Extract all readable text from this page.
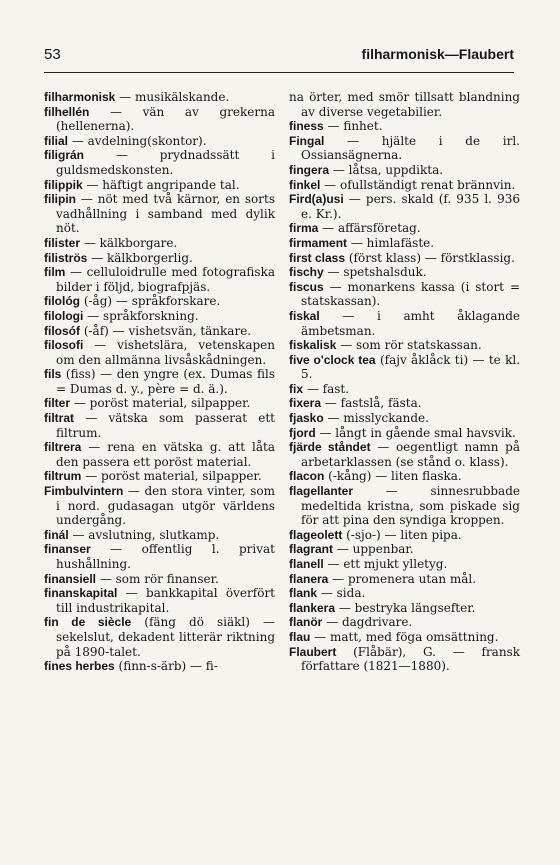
53	filharmonisk—Flaubert

filharmonisk — musikälskande.

filhellén — vän av grekerna (hellenerna).

filial — avdelning(skontor).

filigrán — prydnadssätt i guldsmedskonsten.

filippik — häftigt angripande tal.

filipin — nöt med två kärnor, en sorts vadhållning i samband med dylik nöt.

filister — kälkborgare.

filiströs — kälkborgerlig.

film — celluloidrulle med fotografiska bilder i följd, biografpjäs.

filológ (-åg) — språkforskare.

filologi — språkforskning.

filosóf (-åf) — vishetsvän, tänkare.

filosofi — vishetslära, vetenskapen om den allmänna livsåskådningen.

fils (fiss) — den yngre (ex. Dumas fils = Dumas d. y., père = d. ä.).

filter — poröst material, silpapper.

filtrat — vätska som passerat ett filtrum.

filtrera — rena en vätska g. att låta den passera ett poröst material.

filtrum — poröst material, silpapper.

Fimbulvintern — den stora vinter, som i nord. gudasagan utgör världens undergång.

finál — avslutning, slutkamp.

finanser — offentlig l. privat hushållning.

finansiell — som rör finanser.

finanskapital — bankkapital överfört till industrikapital.

fin de siècle (fäng dö siäkl) — sekelslut, dekadent litterär riktning på 1890-talet.

fines herbes (finn-s-ärb) — fi-

na örter, med smör tillsatt blandning av diverse vegetabilier.

finess — finhet.

Fingal — hjälte i de irl. Ossiansägnerna.

fingera — låtsa, uppdikta.

finkel — ofullständigt renat brännvin.

Fird(a)usi — pers. skald (f. 935 l. 936 e. Kr.).

firma — affärsföretag.

firmament — himlafäste.

first class (först klass) — förstklassig.

fischy — spetshalsduk.

fiscus — monarkens kassa (i stort = statskassan).

fiskal — i amht åklagande ämbetsman.

fiskalisk — som rör statskassan.

five o'clock tea (fajv åklåck ti) — te kl. 5.

fix — fast.

fixera — fastslå, fästa.

fjasko — misslyckande.

fjord — långt in gående smal havsvik.

fjärde ståndet — oegentligt namn på arbetarklassen (se stånd o. klass).

flacon (-kång) — liten flaska.

flagellanter — sinnesrubbade medeltida kristna, som piskade sig för att pina den syndiga kroppen.

flageolett (-sjo-) — liten pipa.

flagrant — uppenbar.

flanell — ett mjukt ylletyg.

flanera — promenera utan mål.

flank — sida.

flankera — bestryka längsefter.

flanör — dagdrivare.

flau — matt, med föga omsättning.

Flaubert (Flåbär), G. — fransk författare (1821—1880).
